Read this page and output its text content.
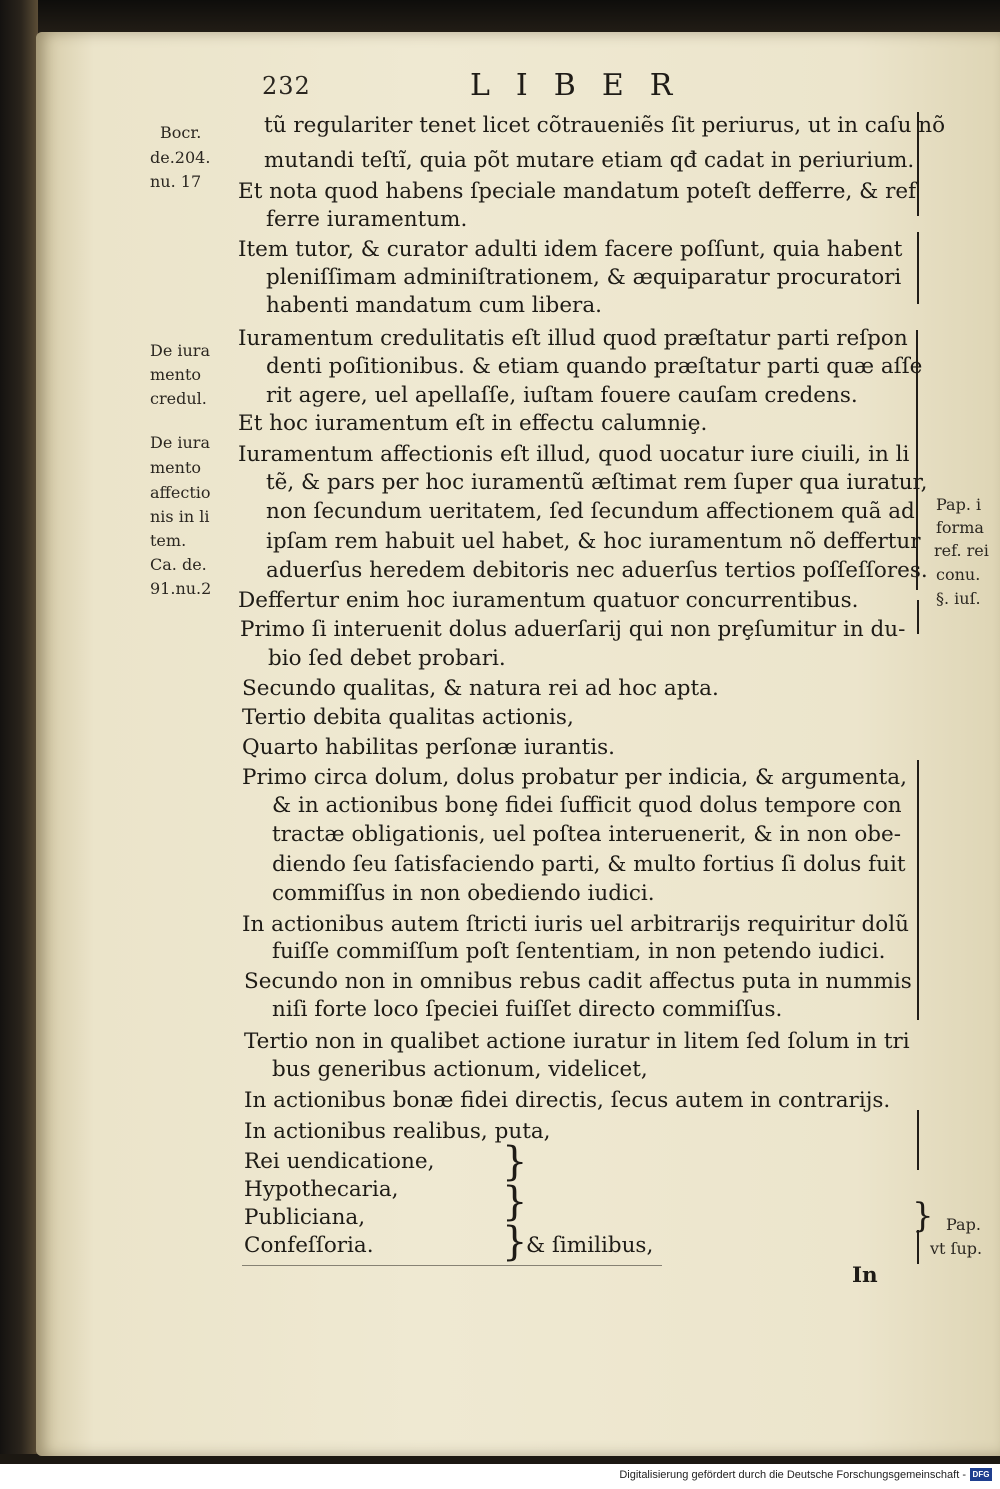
232	LIBER
Bocr.
de.204.
nu. 17
De iura
mento
credul.
De iura
mento
affectio
nis in li
tem.
Ca. de.
91.nu.2
Pap. i
forma
ref. rei
conu.
§. iuſ.
Pap.
vt ſup.
tũ regulariter tenet licet cõtraueniẽs ſit periurus, ut in caſu nõ
mutandi teſtĩ, quia põt mutare etiam qđ cadat in periurium.
Et nota quod habens ſpeciale mandatum poteſt defferre, & ref
ferre iuramentum.
Item tutor, & curator adulti idem facere poſſunt, quia habent
pleniſſimam adminiſtrationem, & æquiparatur procuratori
habenti mandatum cum libera.
Iuramentum credulitatis eſt illud quod præſtatur parti reſpon
denti poſitionibus. & etiam quando præſtatur parti quæ aſſe
rit agere, uel apellaſſe, iuſtam fouere cauſam credens.
Et hoc iuramentum eſt in effectu calumniȩ.
Iuramentum affectionis eſt illud, quod uocatur iure ciuili, in li
tẽ, & pars per hoc iuramentũ æſtimat rem ſuper qua iuratur,
non ſecundum ueritatem, ſed ſecundum affectionem quã ad
ipſam rem habuit uel habet, & hoc iuramentum nõ deffertur
aduerſus heredem debitoris nec aduerſus tertios poſſeſſores.
Deffertur enim hoc iuramentum quatuor concurrentibus.
Primo ſi interuenit dolus aduerſarij qui non prȩſumitur in du-
bio ſed debet probari.
Secundo qualitas, & natura rei ad hoc apta.
Tertio debita qualitas actionis,
Quarto habilitas perſonæ iurantis.
Primo circa dolum, dolus probatur per indicia, & argumenta,
& in actionibus bonȩ fidei ſufficit quod dolus tempore con
tractæ obligationis, uel poſtea interuenerit, & in non obe-
diendo ſeu ſatisfaciendo parti, & multo fortius ſi dolus fuit
commiſſus in non obediendo iudici.
In actionibus autem ſtricti iuris uel arbitrarijs requiritur dolũ
fuiſſe commiſſum poſt ſententiam, in non petendo iudici.
Secundo non in omnibus rebus cadit affectus puta in nummis
niſi forte loco ſpeciei fuiſſet directo commiſſus.
Tertio non in qualibet actione iuratur in litem ſed ſolum in tri
bus generibus actionum, videlicet,
In actionibus bonæ fidei directis, ſecus autem in contrarijs.
In actionibus realibus, puta,
Rei uendicatione,
Hypothecaria,
Publiciana,
Confeſſoria.
}
}
}
& ſimilibus,
}
In
Digitalisierung gefördert durch die Deutsche Forschungsgemeinschaft - DFG
